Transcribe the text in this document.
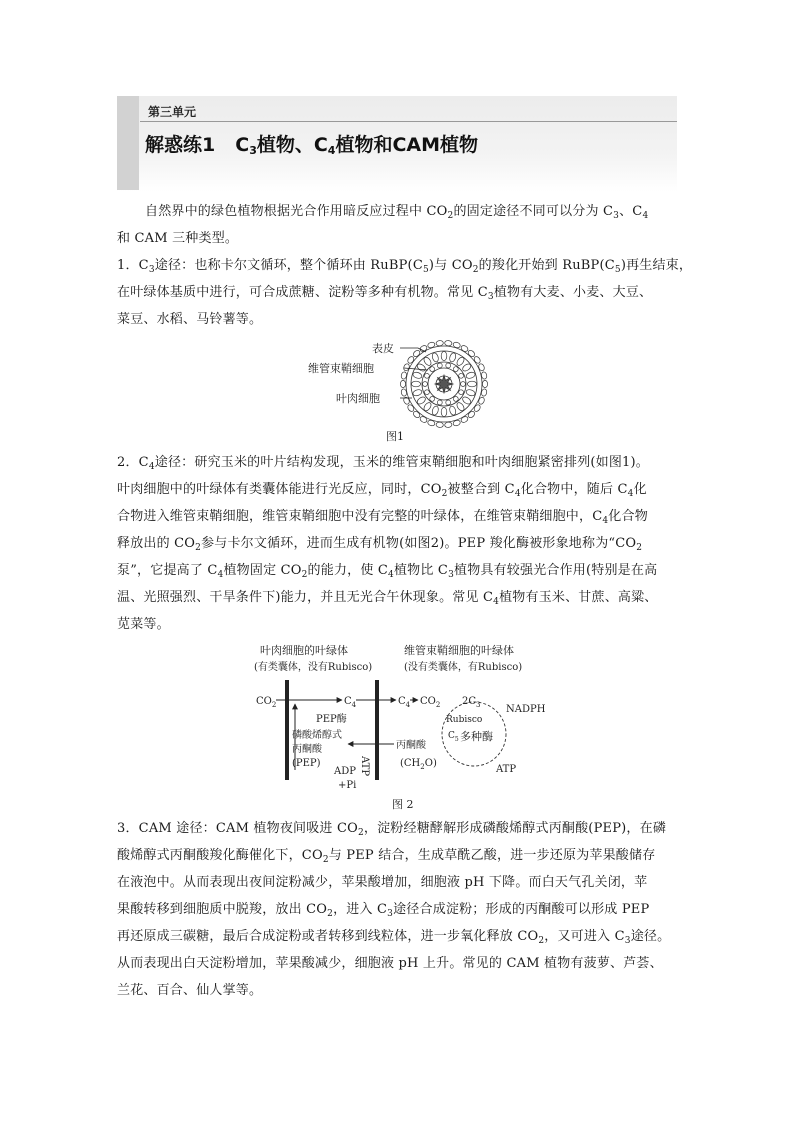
第三单元
解惑练1 $C_3$植物、$C_4$植物和CAM植物
自然界中的绿色植物根据光合作用暗反应过程中 $CO_2$的固定途径不同可以分为 $C_3$、$C_4$
和 CAM 三种类型。
1．$C_3$途径：也称卡尔文循环，整个循环由 $RuBP(C_5)$与 $CO_2$的羧化开始到 $RuBP(C_5)$再生结束，
在叶绿体基质中进行，可合成蔗糖、淀粉等多种有机物。常见 $C_3$植物有大麦、小麦、大豆、
菜豆、水稻、马铃薯等。
表皮
维管束鞘细胞
叶肉细胞
图1
2．$C_4$途径：研究玉米的叶片结构发现，玉米的维管束鞘细胞和叶肉细胞紧密排列(如图1)。
叶肉细胞中的叶绿体有类囊体能进行光反应，同时，$CO_2$被整合到 $C_4$化合物中，随后 $C_4$化
合物进入维管束鞘细胞，维管束鞘细胞中没有完整的叶绿体，在维管束鞘细胞中，$C_4$化合物
释放出的 $CO_2$参与卡尔文循环，进而生成有机物(如图2)。PEP 羧化酶被形象地称为“$CO_2$
泵”，它提高了 $C_4$植物固定 $CO_2$的能力，使 $C_4$植物比 $C_3$植物具有较强光合作用(特别是在高
温、光照强烈、干旱条件下)能力，并且无光合午休现象。常见 $C_4$植物有玉米、甘蔗、高粱、
苋菜等。
叶肉细胞的叶绿体
(有类囊体，没有Rubisco)
维管束鞘细胞的叶绿体
(没有类囊体，有Rubisco)
$CO_2$	$C_4$	$C_4$ $CO_2$
PEP酶
磷酸烯醇式
丙酮酸
(PEP)
ADP
+Pi
ATP
丙酮酸
$(CH_2O)$
$2C_3$
Rubisco
$C_5$ 多种酶
NADPH
ATP
图 2
3．CAM 途径：CAM 植物夜间吸进 $CO_2$，淀粉经糖酵解形成磷酸烯醇式丙酮酸(PEP)，在磷
酸烯醇式丙酮酸羧化酶催化下，$CO_2$与 PEP 结合，生成草酰乙酸，进一步还原为苹果酸储存
在液泡中。从而表现出夜间淀粉减少，苹果酸增加，细胞液 pH 下降。而白天气孔关闭，苹
果酸转移到细胞质中脱羧，放出 $CO_2$，进入 $C_3$途径合成淀粉；形成的丙酮酸可以形成 PEP
再还原成三碳糖，最后合成淀粉或者转移到线粒体，进一步氧化释放 $CO_2$，又可进入 $C_3$途径。
从而表现出白天淀粉增加，苹果酸减少，细胞液 pH 上升。常见的 CAM 植物有菠萝、芦荟、
兰花、百合、仙人掌等。
